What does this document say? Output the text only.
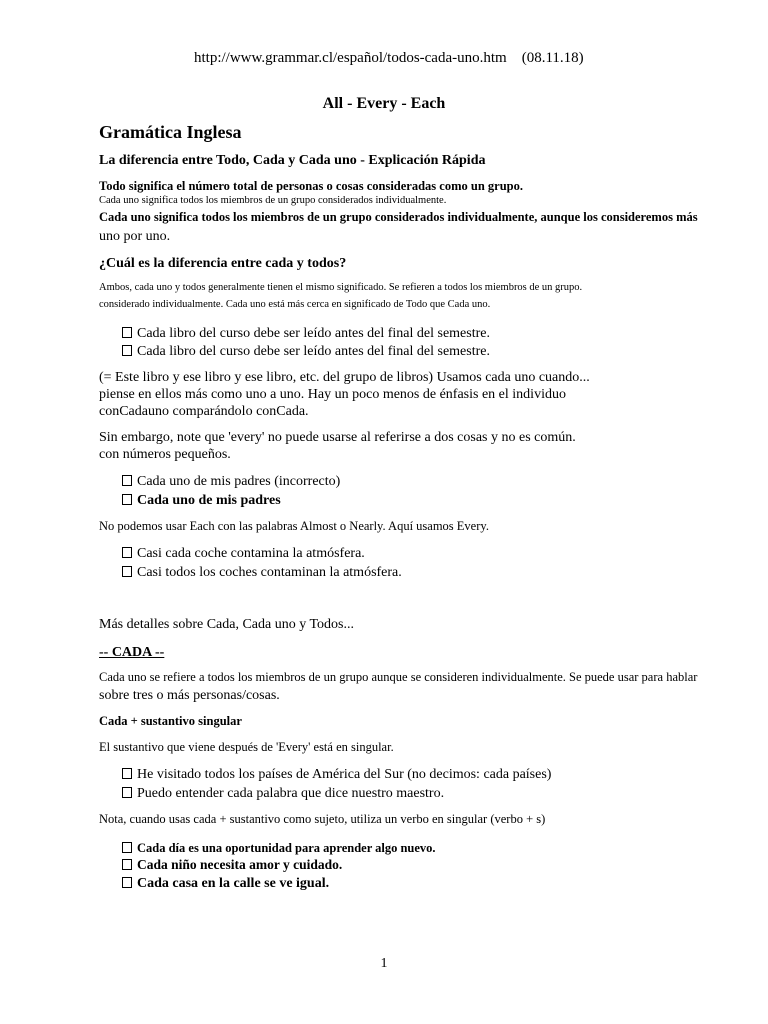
http://www.grammar.cl/español/todos-cada-uno.htm (08.11.18)
All - Every - Each
Gramática Inglesa
La diferencia entre Todo, Cada y Cada uno - Explicación Rápida
Todo significa el número total de personas o cosas consideradas como un grupo.
Cada uno significa todos los miembros de un grupo considerados individualmente.
Cada uno significa todos los miembros de un grupo considerados individualmente, aunque los consideremos más
uno por uno.
¿Cuál es la diferencia entre cada y todos?
Ambos, cada uno y todos generalmente tienen el mismo significado. Se refieren a todos los miembros de un grupo.
considerado individualmente. Cada uno está más cerca en significado de Todo que Cada uno.
Cada libro del curso debe ser leído antes del final del semestre.
Cada libro del curso debe ser leído antes del final del semestre.
(= Este libro y ese libro y ese libro, etc. del grupo de libros) Usamos cada uno cuando...
piense en ellos más como uno a uno. Hay un poco menos de énfasis en el individuo
conCadauno comparándolo conCada.
Sin embargo, note que 'every' no puede usarse al referirse a dos cosas y no es común.
con números pequeños.
Cada uno de mis padres (incorrecto)
Cada uno de mis padres
No podemos usar Each con las palabras Almost o Nearly. Aquí usamos Every.
Casi cada coche contamina la atmósfera.
Casi todos los coches contaminan la atmósfera.
Más detalles sobre Cada, Cada uno y Todos...
-- CADA --
Cada uno se refiere a todos los miembros de un grupo aunque se consideren individualmente. Se puede usar para hablar
sobre tres o más personas/cosas.
Cada + sustantivo singular
El sustantivo que viene después de 'Every' está en singular.
He visitado todos los países de América del Sur (no decimos: cada países)
Puedo entender cada palabra que dice nuestro maestro.
Nota, cuando usas cada + sustantivo como sujeto, utiliza un verbo en singular (verbo + s)
Cada día es una oportunidad para aprender algo nuevo.
Cada niño necesita amor y cuidado.
Cada casa en la calle se ve igual.
1
